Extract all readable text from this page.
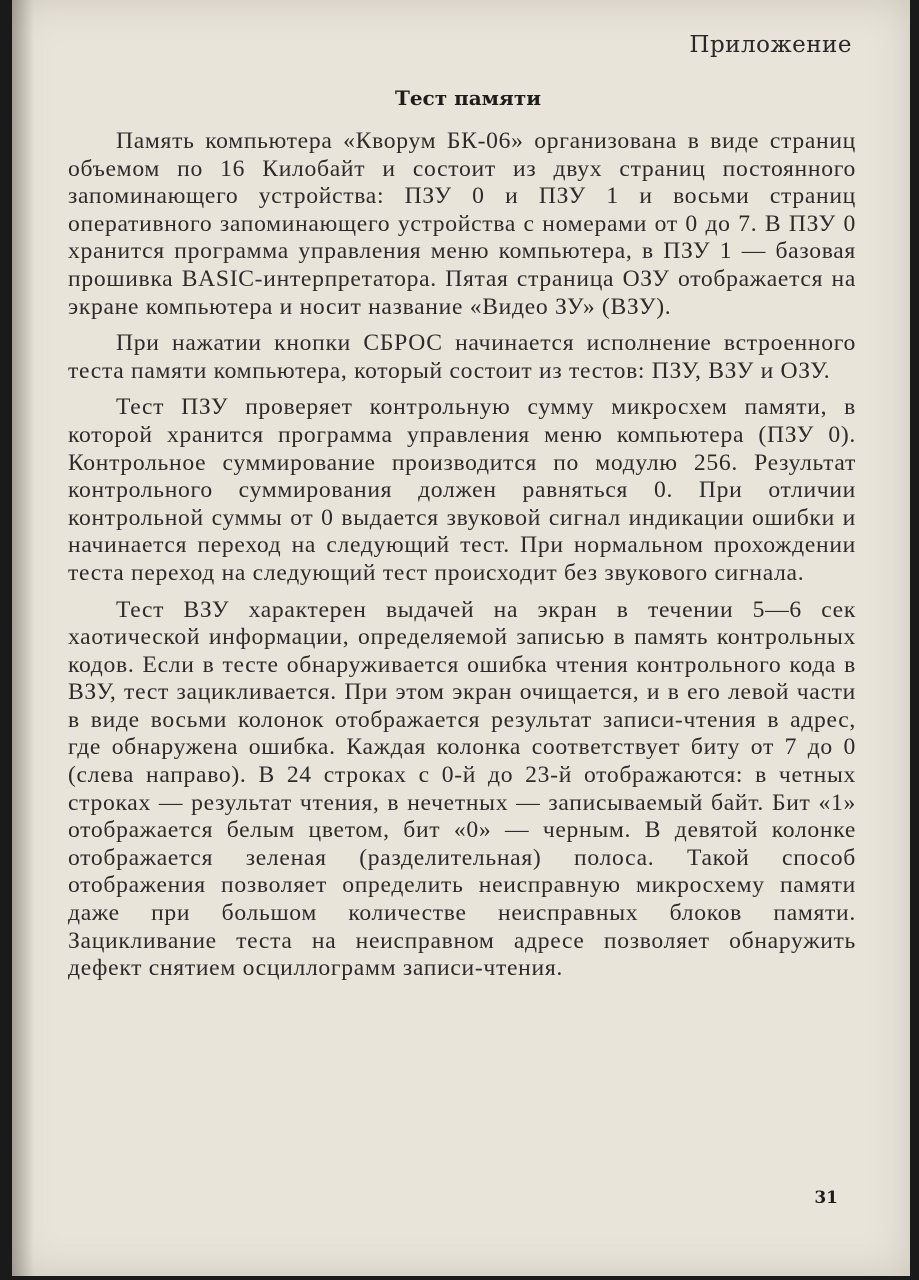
Приложение
Тест памяти

Память компьютера «Кворум БК-06» организована в виде страниц объемом по 16 Килобайт и состоит из двух страниц постоянного запоминающего устройства: ПЗУ 0 и ПЗУ 1 и восьми страниц оперативного запоминающего устройства с номерами от 0 до 7. В ПЗУ 0 хранится программа управления меню компьютера, в ПЗУ 1 — базовая прошивка BASIC-интерпретатора. Пятая страница ОЗУ отображается на экране компьютера и носит название «Видео ЗУ» (ВЗУ).

При нажатии кнопки СБРОС начинается исполнение встроенного теста памяти компьютера, который состоит из тестов: ПЗУ, ВЗУ и ОЗУ.

Тест ПЗУ проверяет контрольную сумму микросхем памяти, в которой хранится программа управления меню компьютера (ПЗУ 0). Контрольное суммирование производится по модулю 256. Результат контрольного суммирования должен равняться 0. При отличии контрольной суммы от 0 выдается звуковой сигнал индикации ошибки и начинается переход на следующий тест. При нормальном прохождении теста переход на следующий тест происходит без звукового сигнала.

Тест ВЗУ характерен выдачей на экран в течении 5—6 сек хаотической информации, определяемой записью в память контрольных кодов. Если в тесте обнаруживается ошибка чтения контрольного кода в ВЗУ, тест зацикливается. При этом экран очищается, и в его левой части в виде восьми колонок отображается результат записи-чтения в адрес, где обнаружена ошибка. Каждая колонка соответствует биту от 7 до 0 (слева направо). В 24 строках с 0-й до 23-й отображаются: в четных строках — результат чтения, в нечетных — записываемый байт. Бит «1» отображается белым цветом, бит «0» — черным. В девятой колонке отображается зеленая (разделительная) полоса. Такой способ отображения позволяет определить неисправную микросхему памяти даже при большом количестве неисправных блоков памяти. Зацикливание теста на неисправном адресе позволяет обнаружить дефект снятием осциллограмм записи-чтения.

31
